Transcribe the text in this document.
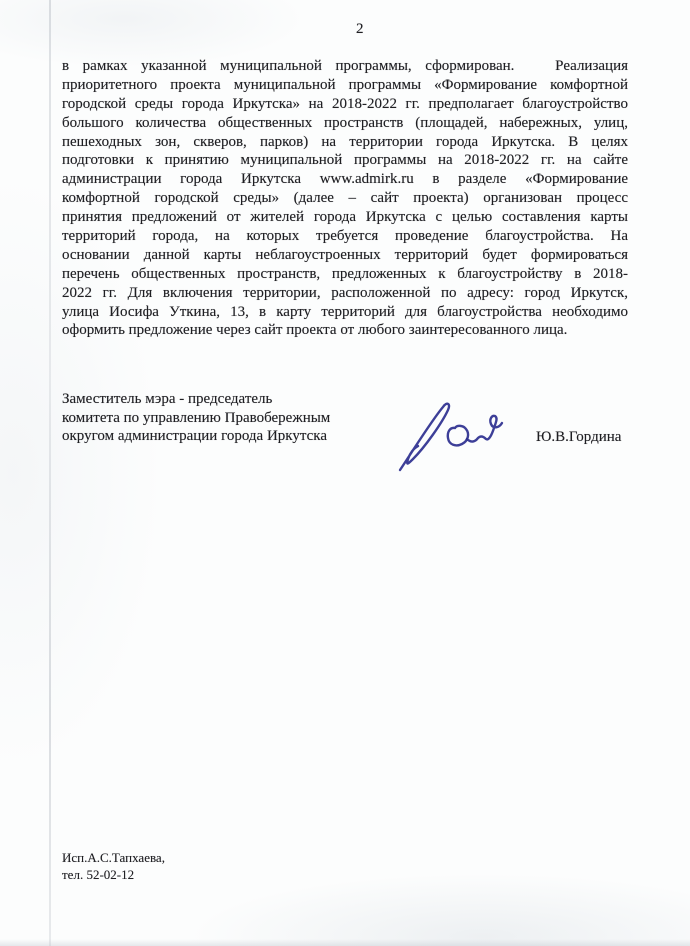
2
в рамках указанной муниципальной программы, сформирован.   Реализация
приоритетного проекта муниципальной программы «Формирование комфортной
городской среды города Иркутска» на 2018-2022 гг. предполагает благоустройство
большого количества общественных пространств (площадей, набережных, улиц,
пешеходных зон, скверов, парков) на территории города Иркутска. В целях
подготовки к принятию муниципальной программы на 2018-2022 гг. на сайте
администрации города Иркутска www.admirk.ru в разделе «Формирование
комфортной городской среды» (далее – сайт проекта) организован процесс
принятия предложений от жителей города Иркутска с целью составления карты
территорий города, на которых требуется проведение благоустройства. На
основании данной карты неблагоустроенных территорий будет формироваться
перечень общественных пространств, предложенных к благоустройству в 2018-
2022 гг. Для включения территории, расположенной по адресу: город Иркутск,
улица Иосифа Уткина, 13, в карту территорий для благоустройства необходимо
оформить предложение через сайт проекта от любого заинтересованного лица.
Заместитель мэра - председатель
комитета по управлению Правобережным
округом администрации города Иркутска	Ю.В.Гордина
Исп.А.С.Тапхаева,
тел. 52-02-12
